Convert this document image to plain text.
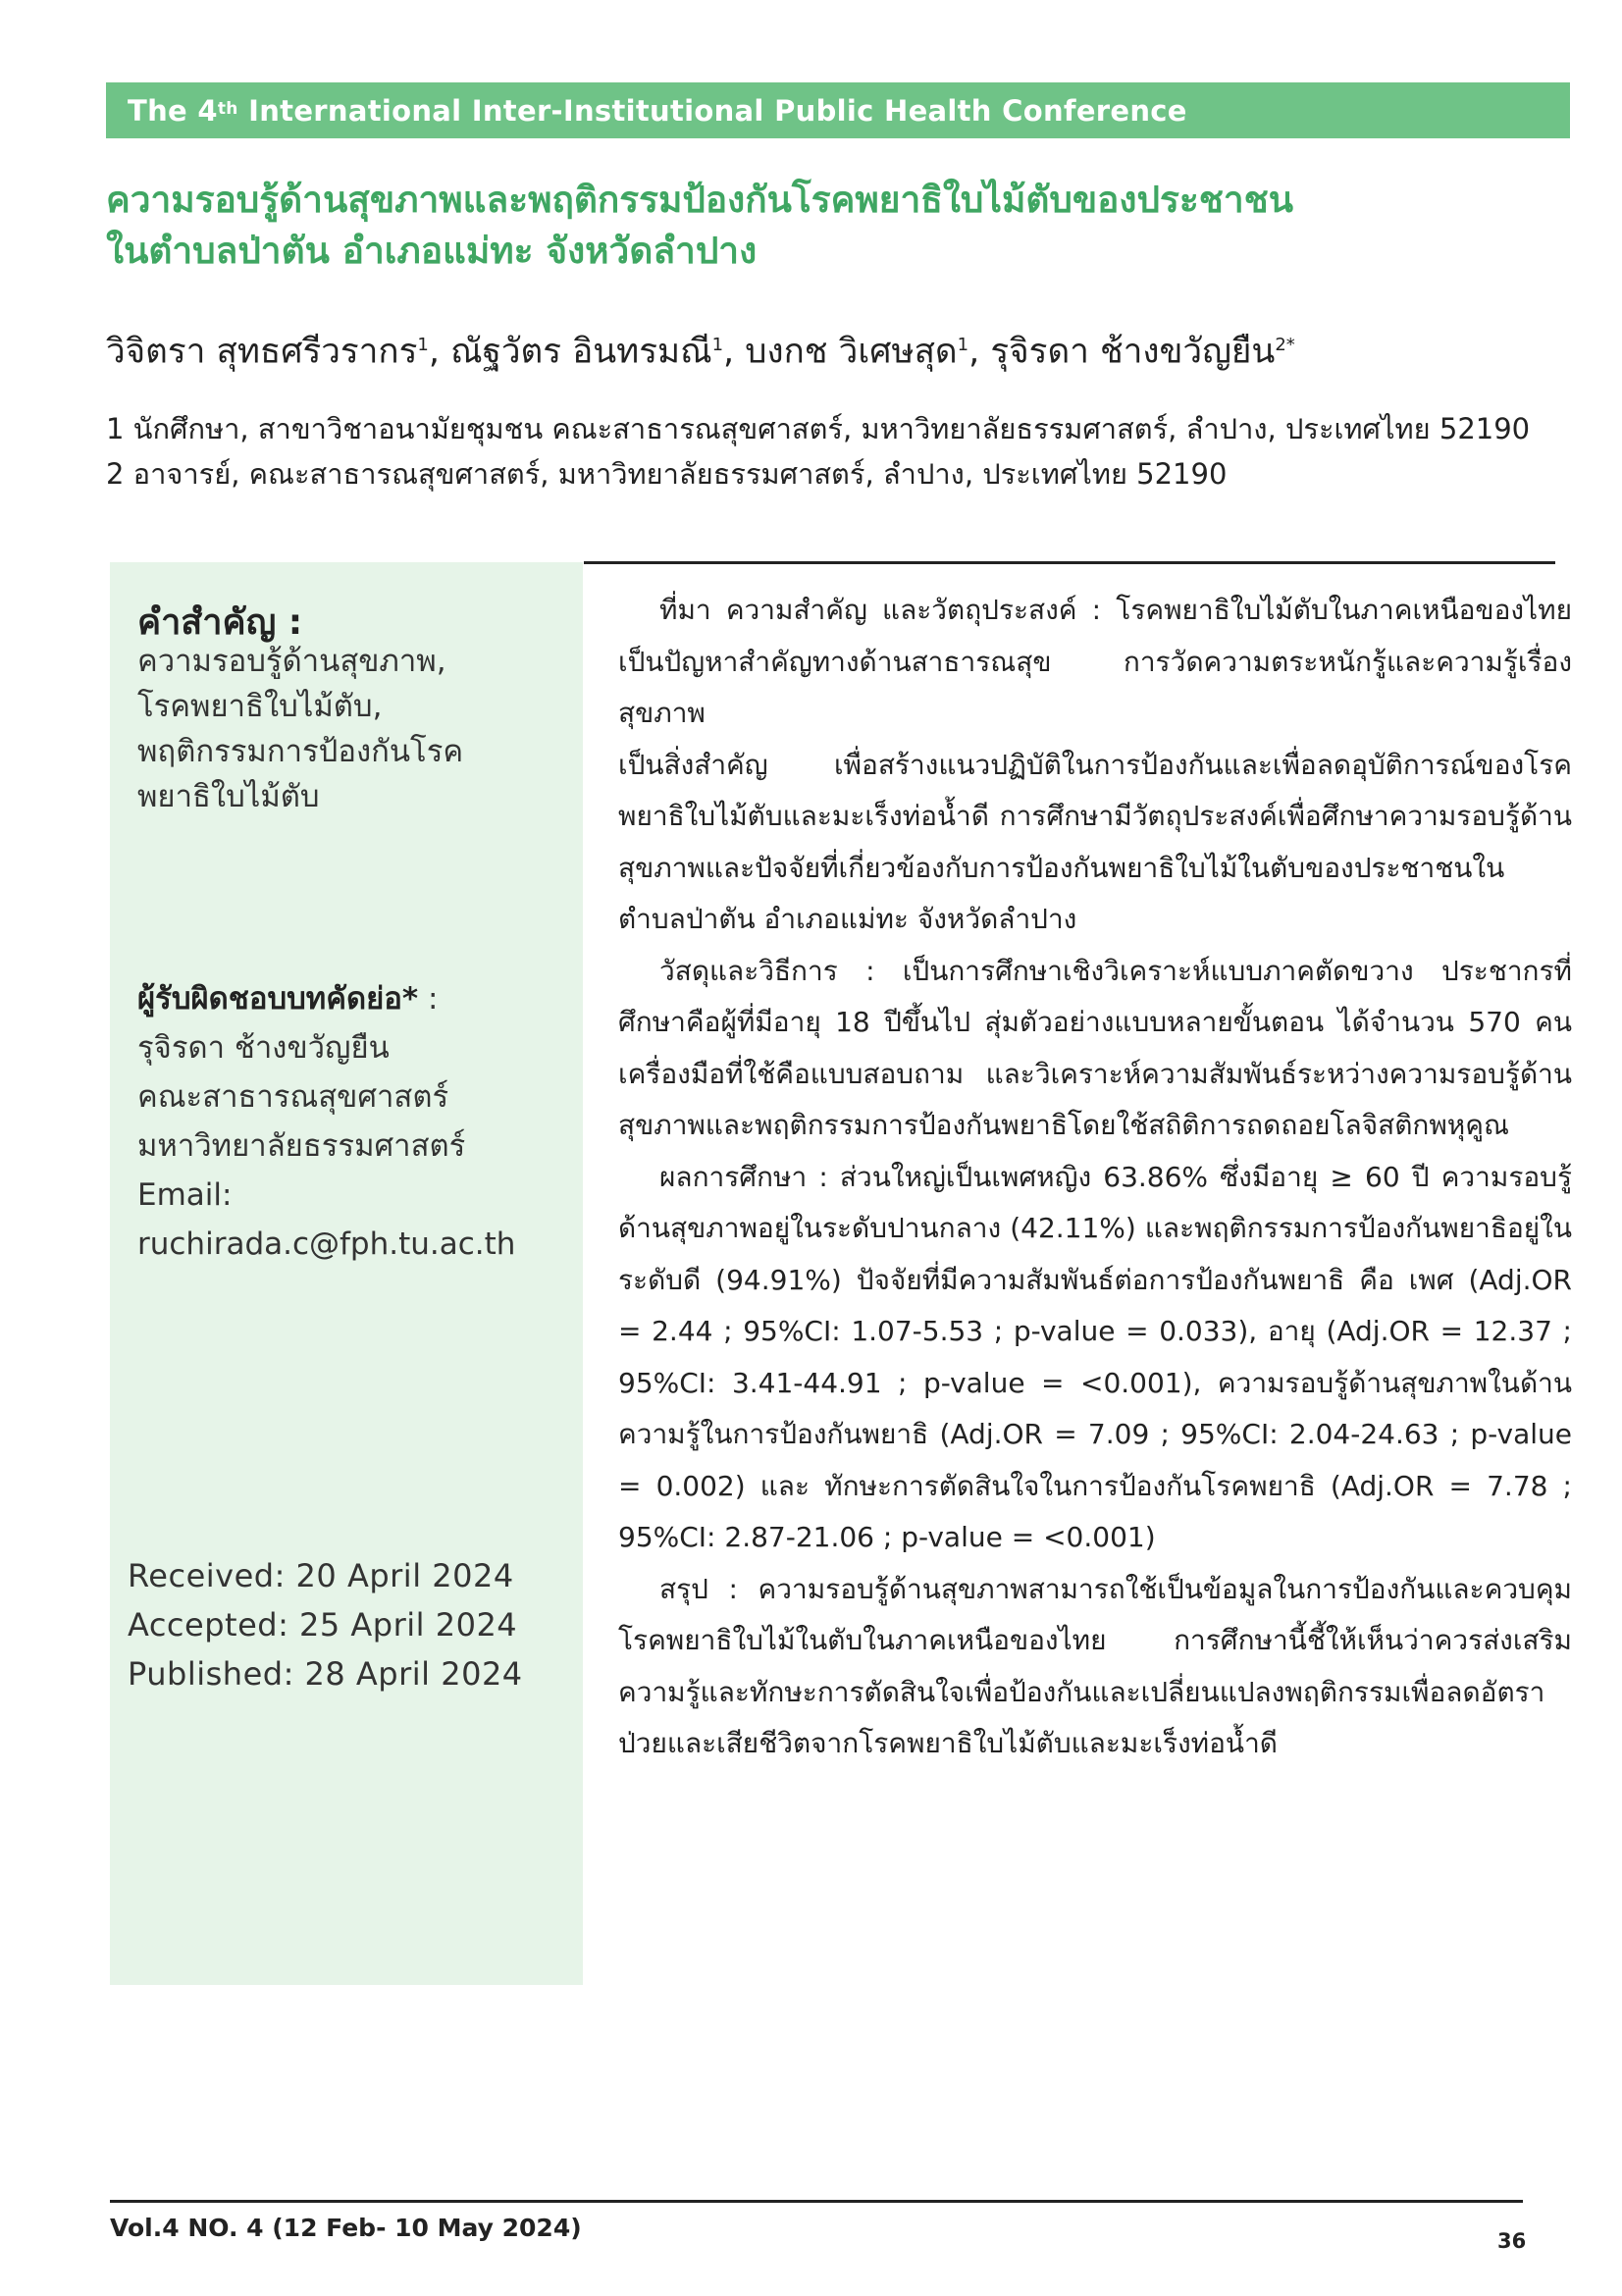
The 4th International Inter-Institutional Public Health Conference
ความรอบรู้ด้านสุขภาพและพฤติกรรมป้องกันโรคพยาธิใบไม้ตับของประชาชน
ในตำบลป่าตัน อำเภอแม่ทะ จังหวัดลำปาง
วิจิตรา สุทธศรีวรากร$^1$, ณัฐวัตร อินทรมณี$^1$, บงกช วิเศษสุด$^1$, รุจิรดา ช้างขวัญยืน$^{2*}$
1 นักศึกษา, สาขาวิชาอนามัยชุมชน คณะสาธารณสุขศาสตร์, มหาวิทยาลัยธรรมศาสตร์, ลำปาง, ประเทศไทย 52190
2 อาจารย์, คณะสาธารณสุขศาสตร์, มหาวิทยาลัยธรรมศาสตร์, ลำปาง, ประเทศไทย 52190
คำสำคัญ :
ความรอบรู้ด้านสุขภาพ,
โรคพยาธิใบไม้ตับ,
พฤติกรรมการป้องกันโรค
พยาธิใบไม้ตับ
ผู้รับผิดชอบบทคัดย่อ* :
รุจิรดา ช้างขวัญยืน
คณะสาธารณสุขศาสตร์
มหาวิทยาลัยธรรมศาสตร์
Email:
ruchirada.c@fph.tu.ac.th
Received: 20 April 2024
Accepted: 25 April 2024
Published: 28 April 2024

ที่มา ความสำคัญ และวัตถุประสงค์ : โรคพยาธิใบไม้ตับในภาคเหนือของไทยเป็นปัญหาสำคัญทางด้านสาธารณสุข การวัดความตระหนักรู้และความรู้เรื่องสุขภาพ

เป็นสิ่งสำคัญ เพื่อสร้างแนวปฏิบัติในการป้องกันและเพื่อลดอุบัติการณ์ของโรคพยาธิใบไม้ตับและมะเร็งท่อน้ำดี การศึกษามีวัตถุประสงค์เพื่อศึกษาความรอบรู้ด้านสุขภาพและปัจจัยที่เกี่ยวข้องกับการป้องกันพยาธิใบไม้ในตับของประชาชนในตำบลป่าตัน อำเภอแม่ทะ จังหวัดลำปาง

วัสดุและวิธีการ : เป็นการศึกษาเชิงวิเคราะห์แบบภาคตัดขวาง ประชากรที่ศึกษาคือผู้ที่มีอายุ 18 ปีขึ้นไป สุ่มตัวอย่างแบบหลายขั้นตอน ได้จำนวน 570 คน เครื่องมือที่ใช้คือแบบสอบถาม และวิเคราะห์ความสัมพันธ์ระหว่างความรอบรู้ด้านสุขภาพและพฤติกรรมการป้องกันพยาธิโดยใช้สถิติการถดถอยโลจิสติกพหุคูณ

ผลการศึกษา : ส่วนใหญ่เป็นเพศหญิง 63.86% ซึ่งมีอายุ ≥ 60 ปี ความรอบรู้ด้านสุขภาพอยู่ในระดับปานกลาง (42.11%) และพฤติกรรมการป้องกันพยาธิอยู่ในระดับดี (94.91%) ปัจจัยที่มีความสัมพันธ์ต่อการป้องกันพยาธิ คือ เพศ (Adj.OR = 2.44 ; 95%CI: 1.07-5.53 ; p-value = 0.033), อายุ (Adj.OR = 12.37 ; 95%CI: 3.41-44.91 ; p-value = <0.001), ความรอบรู้ด้านสุขภาพในด้านความรู้ในการป้องกันพยาธิ (Adj.OR = 7.09 ; 95%CI: 2.04-24.63 ; p-value = 0.002) และ ทักษะการตัดสินใจในการป้องกันโรคพยาธิ (Adj.OR = 7.78 ; 95%CI: 2.87-21.06 ; p-value = <0.001)

สรุป : ความรอบรู้ด้านสุขภาพสามารถใช้เป็นข้อมูลในการป้องกันและควบคุมโรคพยาธิใบไม้ในตับในภาคเหนือของไทย การศึกษานี้ชี้ให้เห็นว่าควรส่งเสริมความรู้และทักษะการตัดสินใจเพื่อป้องกันและเปลี่ยนแปลงพฤติกรรมเพื่อลดอัตราป่วยและเสียชีวิตจากโรคพยาธิใบไม้ตับและมะเร็งท่อน้ำดี

Vol.4 NO. 4 (12 Feb- 10 May 2024)	36
